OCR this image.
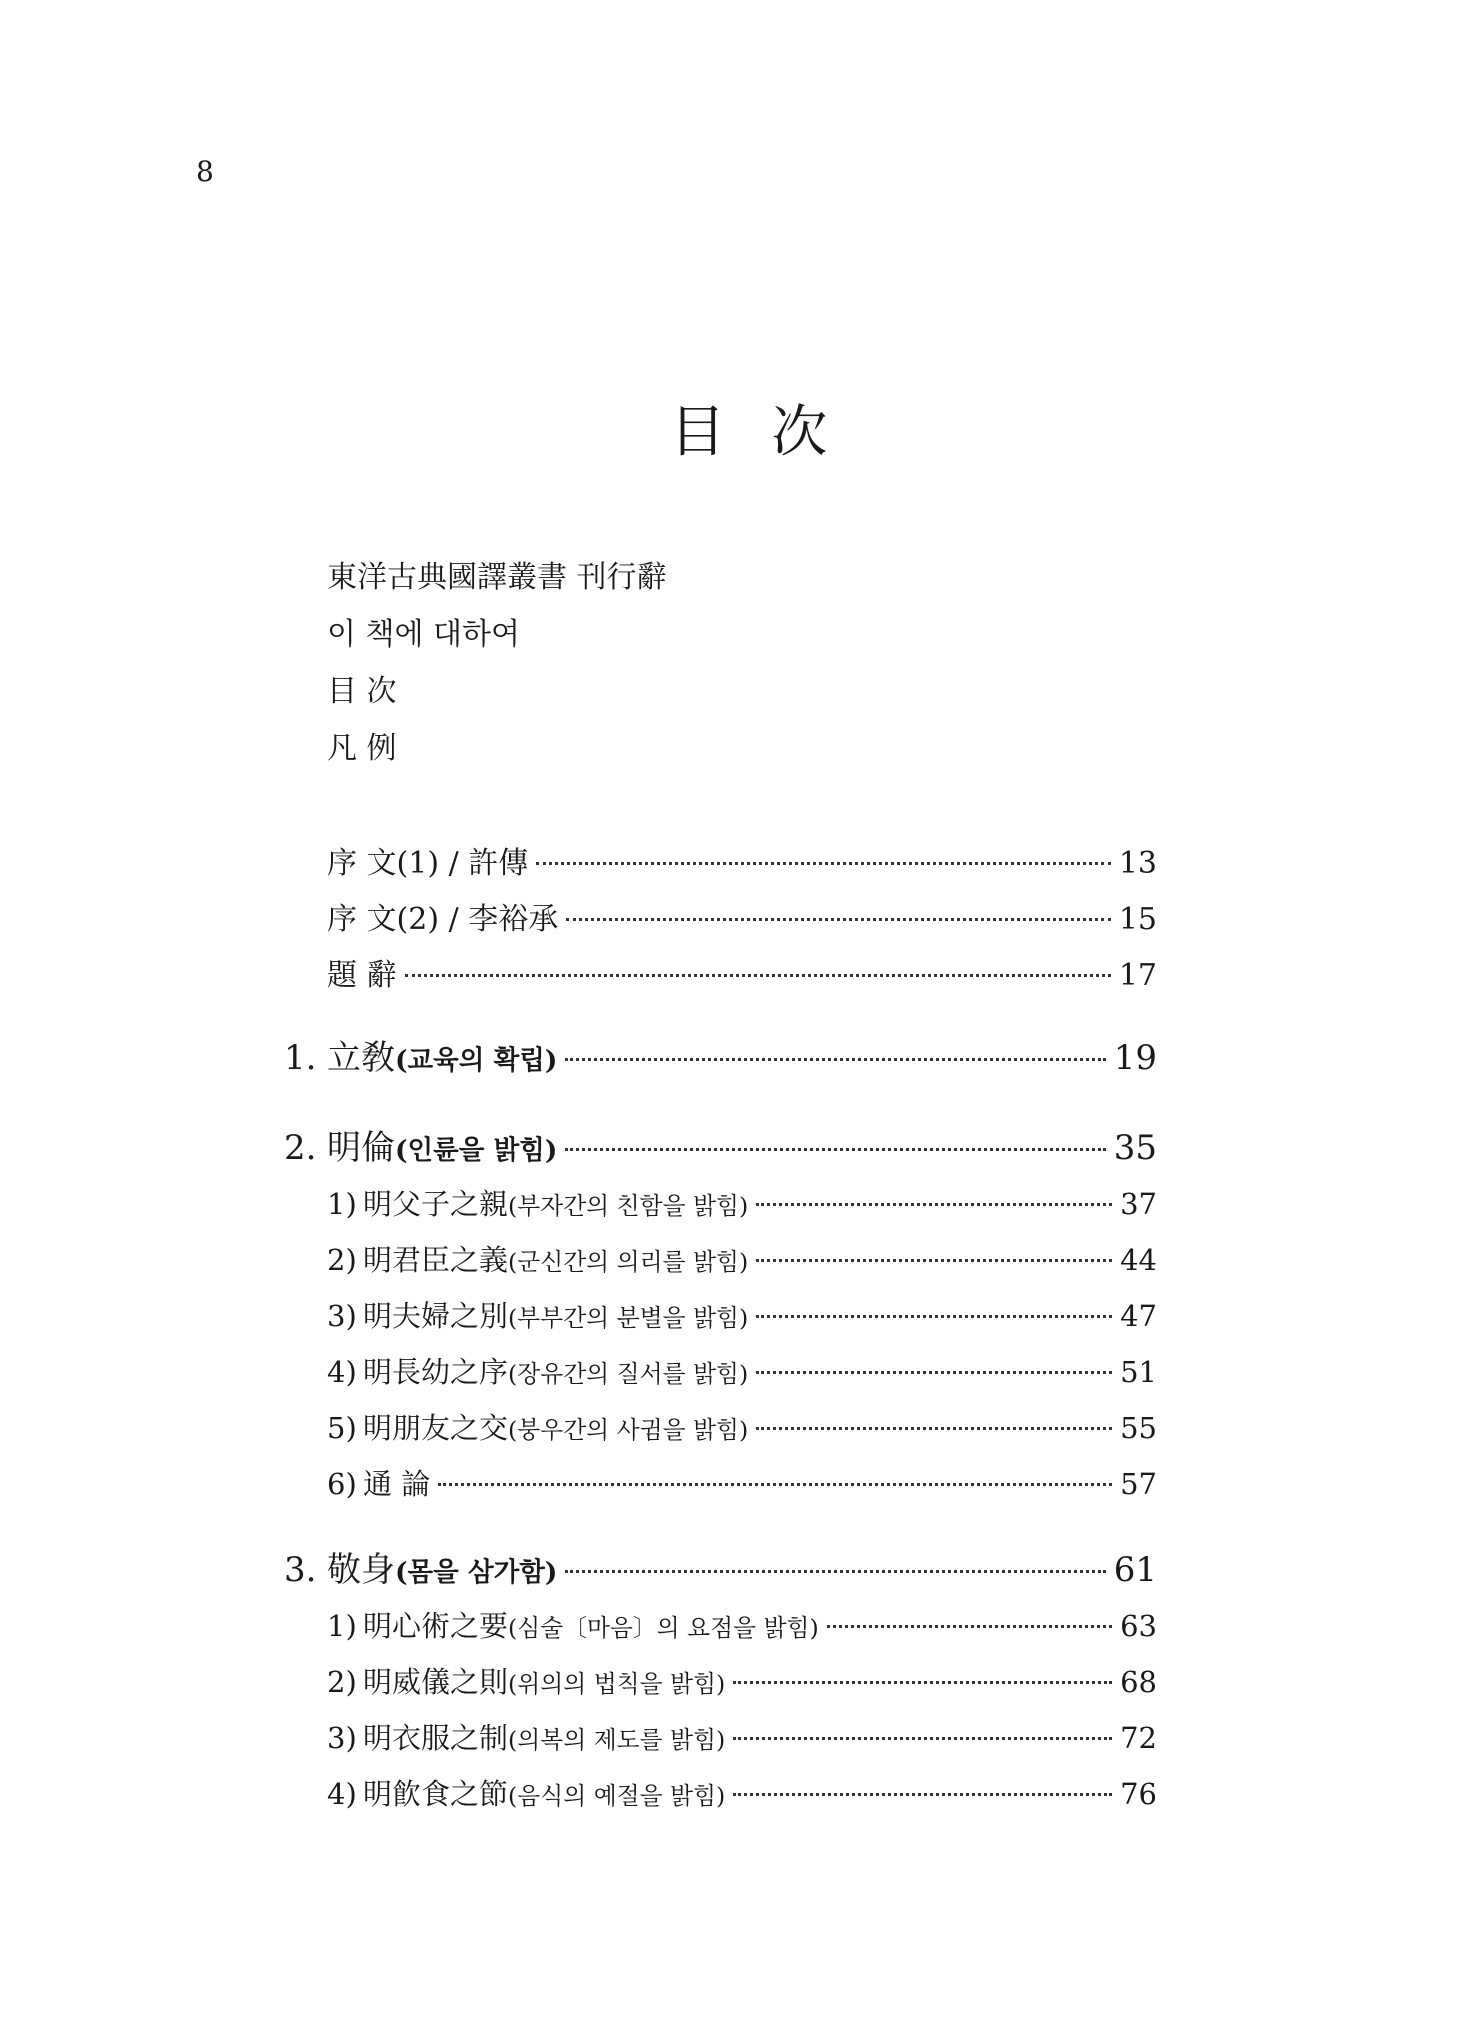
8
目 次
東洋古典國譯叢書 刊行辭
이 책에 대하여
目 次
凡 例
序 文(1) / 許傳	13
序 文(2) / 李裕承	15
題 辭	17
1. 立敎(교육의 확립)	19
2. 明倫(인륜을 밝힘)	35
1) 明父子之親(부자간의 친함을 밝힘)	37
2) 明君臣之義(군신간의 의리를 밝힘)	44
3) 明夫婦之別(부부간의 분별을 밝힘)	47
4) 明長幼之序(장유간의 질서를 밝힘)	51
5) 明朋友之交(붕우간의 사귐을 밝힘)	55
6) 通 論	57
3. 敬身(몸을 삼가함)	61
1) 明心術之要(심술〔마음〕의 요점을 밝힘)	63
2) 明威儀之則(위의의 법칙을 밝힘)	68
3) 明衣服之制(의복의 제도를 밝힘)	72
4) 明飮食之節(음식의 예절을 밝힘)	76
